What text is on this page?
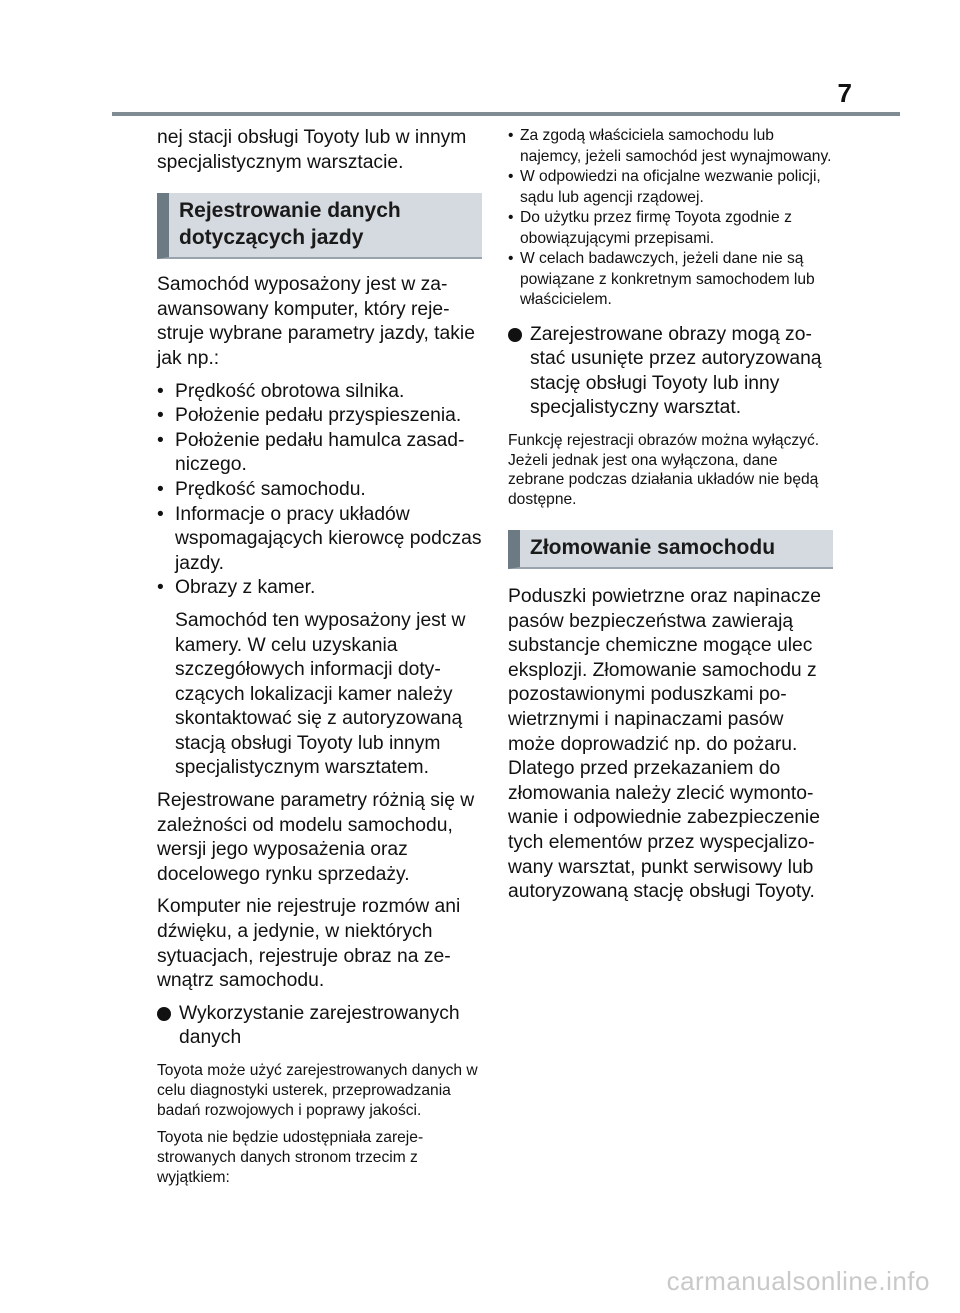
7

nej stacji obsługi Toyoty lub w innym specjalistycznym warsztacie.

Rejestrowanie danych dotyczących jazdy

Samochód wyposażony jest w zaawansowany komputer, który rejestruje wybrane parametry jazdy, takie jak np.:

• Prędkość obrotowa silnika.
• Położenie pedału przyspieszenia.
• Położenie pedału hamulca zasadniczego.
• Prędkość samochodu.
• Informacje o pracy układów wspomagających kierowcę podczas jazdy.
• Obrazy z kamer.
Samochód ten wyposażony jest w kamery. W celu uzyskania szczegółowych informacji dotyczących lokalizacji kamer należy skontaktować się z autoryzowaną stacją obsługi Toyoty lub innym specjalistycznym warsztatem.

Rejestrowane parametry różnią się w zależności od modelu samochodu, wersji jego wyposażenia oraz docelowego rynku sprzedaży.

Komputer nie rejestruje rozmów ani dźwięku, a jedynie, w niektórych sytuacjach, rejestruje obraz na zewnątrz samochodu.

Wykorzystanie zarejestrowanych danych

Toyota może użyć zarejestrowanych danych w celu diagnostyki usterek, przeprowadzania badań rozwojowych i poprawy jakości.

Toyota nie będzie udostępniała zarejestrowanych danych stronom trzecim z wyjątkiem:

• Za zgodą właściciela samochodu lub najemcy, jeżeli samochód jest wynajmowany.
• W odpowiedzi na oficjalne wezwanie policji, sądu lub agencji rządowej.
• Do użytku przez firmę Toyota zgodnie z obowiązującymi przepisami.
• W celach badawczych, jeżeli dane nie są powiązane z konkretnym samochodem lub właścicielem.
Zarejestrowane obrazy mogą zostać usunięte przez autoryzowaną stację obsługi Toyoty lub inny specjalistyczny warsztat.

Funkcję rejestracji obrazów można wyłączyć. Jeżeli jednak jest ona wyłączona, dane zebrane podczas działania układów nie będą dostępne.

Złomowanie samochodu

Poduszki powietrzne oraz napinacze pasów bezpieczeństwa zawierają substancje chemiczne mogące ulec eksplozji. Złomowanie samochodu z pozostawionymi poduszkami powietrznymi i napinaczami pasów może doprowadzić np. do pożaru. Dlatego przed przekazaniem do złomowania należy zlecić wymontowanie i odpowiednie zabezpieczenie tych elementów przez wyspecjalizowany warsztat, punkt serwisowy lub autoryzowaną stację obsługi Toyoty.

carmanualsonline.info
